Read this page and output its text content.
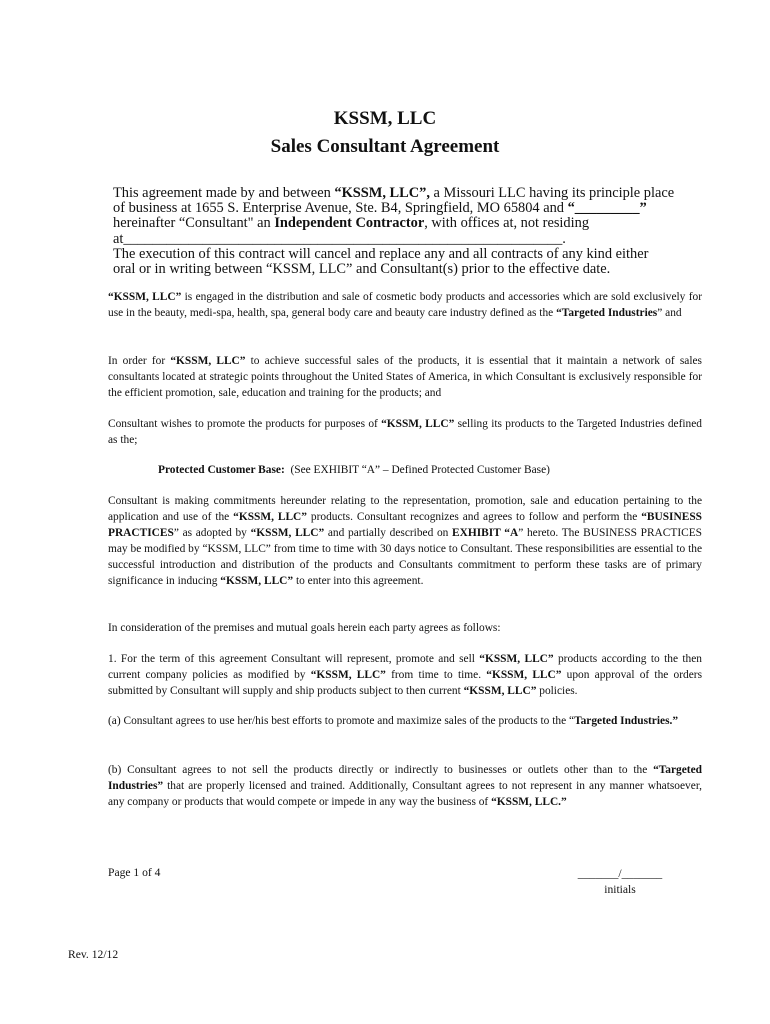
KSSM, LLC
Sales Consultant Agreement
This agreement made by and between “KSSM, LLC”, a Missouri LLC having its principle place
of business at 1655 S. Enterprise Avenue, Ste. B4, Springfield, MO 65804 and “_________”
hereinafter “Consultant" an Independent Contractor, with offices at, not residing
at_____________________________________________________________.
The execution of this contract will cancel and replace any and all contracts of any kind either
oral or in writing between “KSSM, LLC” and Consultant(s) prior to the effective date.

“KSSM, LLC” is engaged in the distribution and sale of cosmetic body products and accessories which are sold exclusively for use in the beauty, medi-spa, health, spa, general body care and beauty care industry defined as the “Targeted Industries” and

In order for “KSSM, LLC” to achieve successful sales of the products, it is essential that it maintain a network of sales consultants located at strategic points throughout the United States of America, in which Consultant is exclusively responsible for the efficient promotion, sale, education and training for the products; and

Consultant wishes to promote the products for purposes of “KSSM, LLC” selling its products to the Targeted Industries defined as the;

Protected Customer Base:  (See EXHIBIT “A” – Defined Protected Customer Base)

Consultant is making commitments hereunder relating to the representation, promotion, sale and education pertaining to the application and use of the “KSSM, LLC” products. Consultant recognizes and agrees to follow and perform the “BUSINESS PRACTICES” as adopted by “KSSM, LLC” and partially described on EXHIBIT “A” hereto. The BUSINESS PRACTICES may be modified by “KSSM, LLC” from time to time with 30 days notice to Consultant. These responsibilities are essential to the successful introduction and distribution of the products and Consultants commitment to perform these tasks are of primary significance in inducing “KSSM, LLC” to enter into this agreement.

In consideration of the premises and mutual goals herein each party agrees as follows:

1. For the term of this agreement Consultant will represent, promote and sell “KSSM, LLC” products according to the then current company policies as modified by “KSSM, LLC” from time to time. “KSSM, LLC” upon approval of the orders submitted by Consultant will supply and ship products subject to then current “KSSM, LLC” policies.

(a) Consultant agrees to use her/his best efforts to promote and maximize sales of the products to the “Targeted Industries.”

(b) Consultant agrees to not sell the products directly or indirectly to businesses or outlets other than to the “Targeted Industries” that are properly licensed and trained. Additionally, Consultant agrees to not represent in any manner whatsoever, any company or products that would compete or impede in any way the business of “KSSM, LLC.”

Page 1 of 4	_______/_______
initials
Rev. 12/12
